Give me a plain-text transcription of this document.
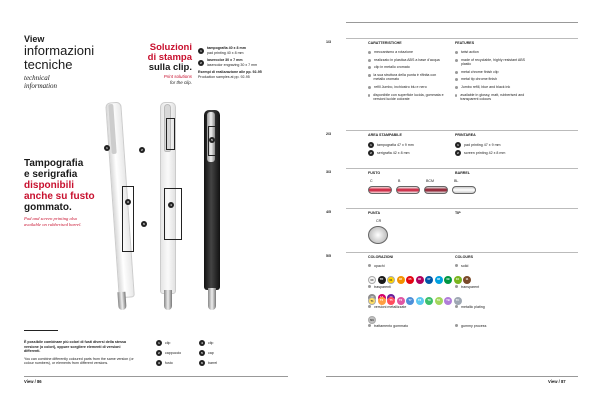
View
informazioni
tecniche
technical
information
Soluzioni
di stampa
sulla clip.
Print solutions
for the clip.
1
tampografia 40 x 8 mm
pad printing 40 x 8 mm
2
lasercolor 30 x 7 mm
lasercolor engraving 30 x 7 mm
Esempi di realizzazione alle pp. 92-95
Production samples at pp. 92-95
1	2
3
4
5
6
Tampografia
e serigrafia
disponibili
anche su fusto
gommato.
Pad and screen printing also
available on rubberised barrel.
È possibile combinare più colori di fusti diversi della stessa versione (o colori), oppure scegliere elementi di versioni differenti.
You can combine differently coloured parts from the same version (or colour numbers), or elements from different versions.
1	clip	4	clip
2	cappuccio	5	cap
3	fusto	6	barrel
View / 86
1/3	CARATTERISTICHE	FEATURES
meccanismo a rotazione
realizzato in plastica ABS a base d'acqua
clip in metallo cromato
la sua struttura della punta è rifinita con metallo cromato
refill Jumbo, inchiostro blu e nero
disponibile con superficie lucida, gommata e versioni lucide colorate
twist action
made of recyclable, highly resistant ABS plastic
metal chrome finish clip
metal tip chrome finish
Jumbo refill, blue and black ink
available in glossy, matt, rubberised and transparent colours
2/3	AREA STAMPABILE	PRINTAREA
1	tampografia 47 x 9 mm
2	serigrafia 42 x 8 mm
1	pad printing 47 x 9 mm
2	screen printing 42 x 8 mm
3/3	FUSTO	BARREL
C	B	BCM	BL
4/5	PUNTA	TIP
CR
5/5	COLORAZIONI	COLOURS
opachi	solid
00 TR 01	02	05	06	07	08	09	10	11
trasparenti	transparent
T1 T2 T5 T6 T7 T8 T9 TA TB TC
versioni metallizzate	metallic plating
M1
trattamento gommato	gummy process
View / 87
